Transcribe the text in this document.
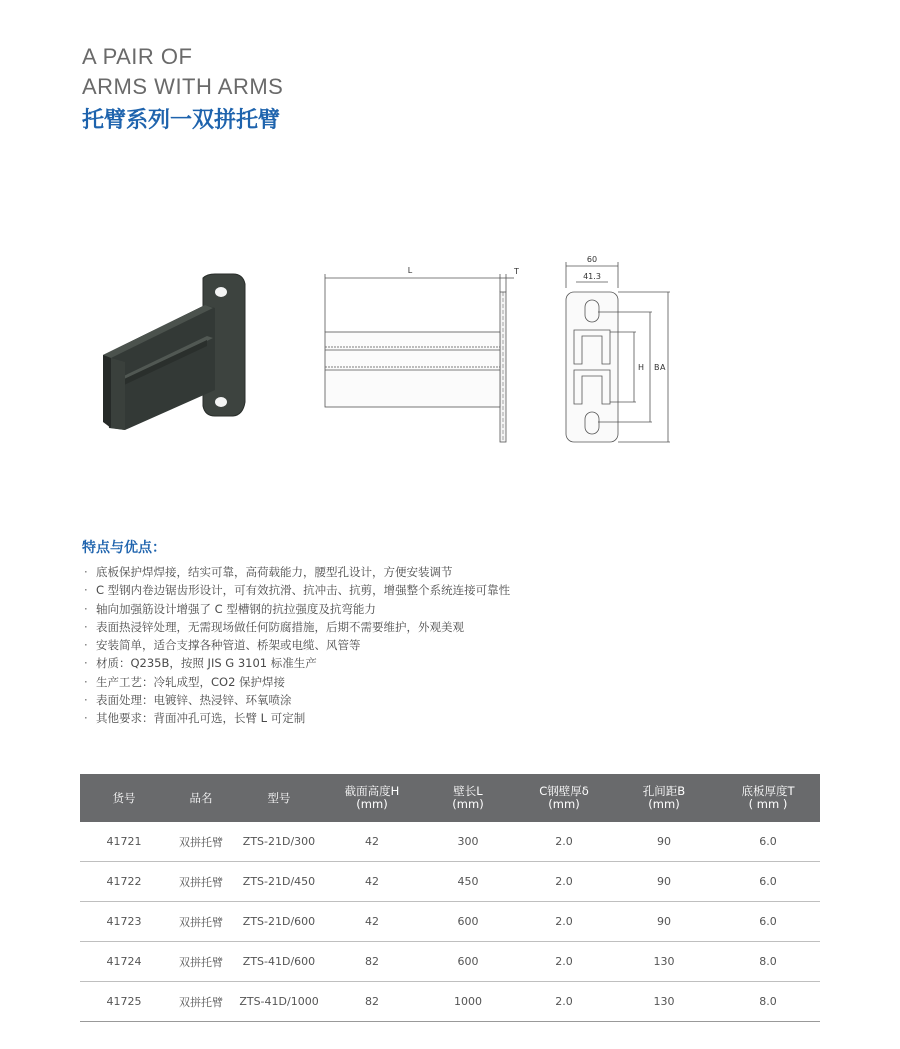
A PAIR OF
ARMS WITH ARMS
托臂系列一双拼托臂
L	T
60
41.3
H B A
特点与优点：
· 底板保护焊焊接，结实可靠，高荷载能力，腰型孔设计，方便安装调节
· C 型钢内卷边锯齿形设计，可有效抗滑、抗冲击、抗剪，增强整个系统连接可靠性
· 轴向加强筋设计增强了 C 型槽钢的抗拉强度及抗弯能力
· 表面热浸锌处理，无需现场做任何防腐措施，后期不需要维护，外观美观
· 安装简单，适合支撑各种管道、桥架或电缆、风管等
· 材质：Q235B，按照 JIS G 3101 标准生产
· 生产工艺：冷轧成型，CO2 保护焊接
· 表面处理：电镀锌、热浸锌、环氧喷涂
· 其他要求：背面冲孔可选，长臂 L 可定制
货号	品名	型号	截面高度H
(mm)	壁长L
(mm)	C钢壁厚δ
(mm)	孔间距B
(mm)	底板厚度T
( mm )
41721	双拼托臂	ZTS-21D/300	42	300	2.0	90	6.0
41722	双拼托臂	ZTS-21D/450	42	450	2.0	90	6.0
41723	双拼托臂	ZTS-21D/600	42	600	2.0	90	6.0
41724	双拼托臂	ZTS-41D/600	82	600	2.0	130	8.0
41725	双拼托臂	ZTS-41D/1000	82	1000	2.0	130	8.0
